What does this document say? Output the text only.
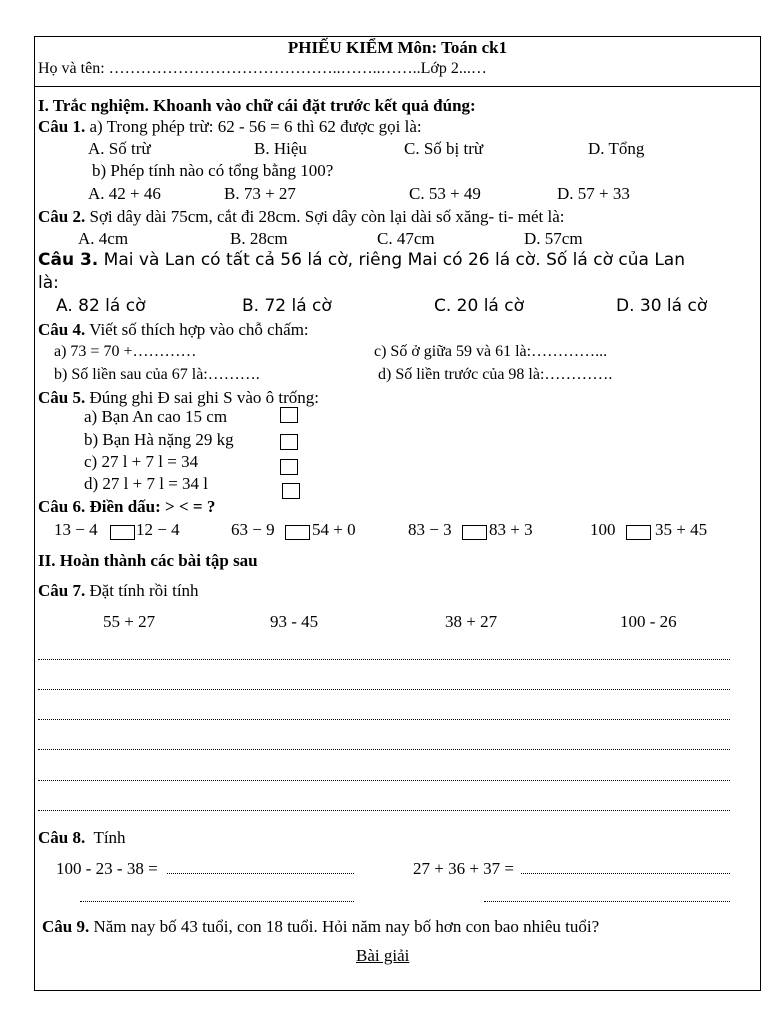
PHIẾU KIỂM Môn: Toán ck1
Họ và tên: ……………………………………..……..……..Lớp 2...…
I. Trắc nghiệm. Khoanh vào chữ cái đặt trước kết quả đúng:
Câu 1. a) Trong phép trừ: 62 - 56 = 6 thì 62 được gọi là:
A. Số trừ	B. Hiệu	C. Số bị trừ	D. Tổng
b) Phép tính nào có tổng bằng 100?
A. 42 + 46	B. 73 + 27	C. 53 + 49	D. 57 + 33
Câu 2. Sợi dây dài 75cm, cắt đi 28cm. Sợi dây còn lại dài số xăng- ti- mét là:
A. 4cm	B. 28cm	C. 47cm	D. 57cm
Câu 3. Mai và Lan có tất cả 56 lá cờ, riêng Mai có 26 lá cờ. Số lá cờ của Lan
là:
A. 82 lá cờ	B. 72 lá cờ	C. 20 lá cờ	D. 30 lá cờ
Câu 4. Viết số thích hợp vào chỗ chấm:
a) 73 = 70 +…………	c) Số ở giữa 59 và 61 là:…………...
b) Số liền sau của 67 là:……….	d) Số liền trước của 98 là:………….
Câu 5. Đúng ghi Đ sai ghi S vào ô trống:
a) Bạn An cao 15 cm
b) Bạn Hà nặng 29 kg
c) 27 l + 7 l = 34
d) 27 l + 7 l = 34 l
Câu 6. Điền dấu: > < = ?
13 − 4 12 − 4	63 − 9 54 + 0	83 − 3 83 + 3	100 35 + 45
II. Hoàn thành các bài tập sau
Câu 7. Đặt tính rồi tính
55 + 27	93 - 45	38 + 27	100 - 26
Câu 8. Tính
100 - 23 - 38 =	27 + 36 + 37 =
Câu 9. Năm nay bố 43 tuổi, con 18 tuổi. Hỏi năm nay bố hơn con bao nhiêu tuổi?
Bài giải
